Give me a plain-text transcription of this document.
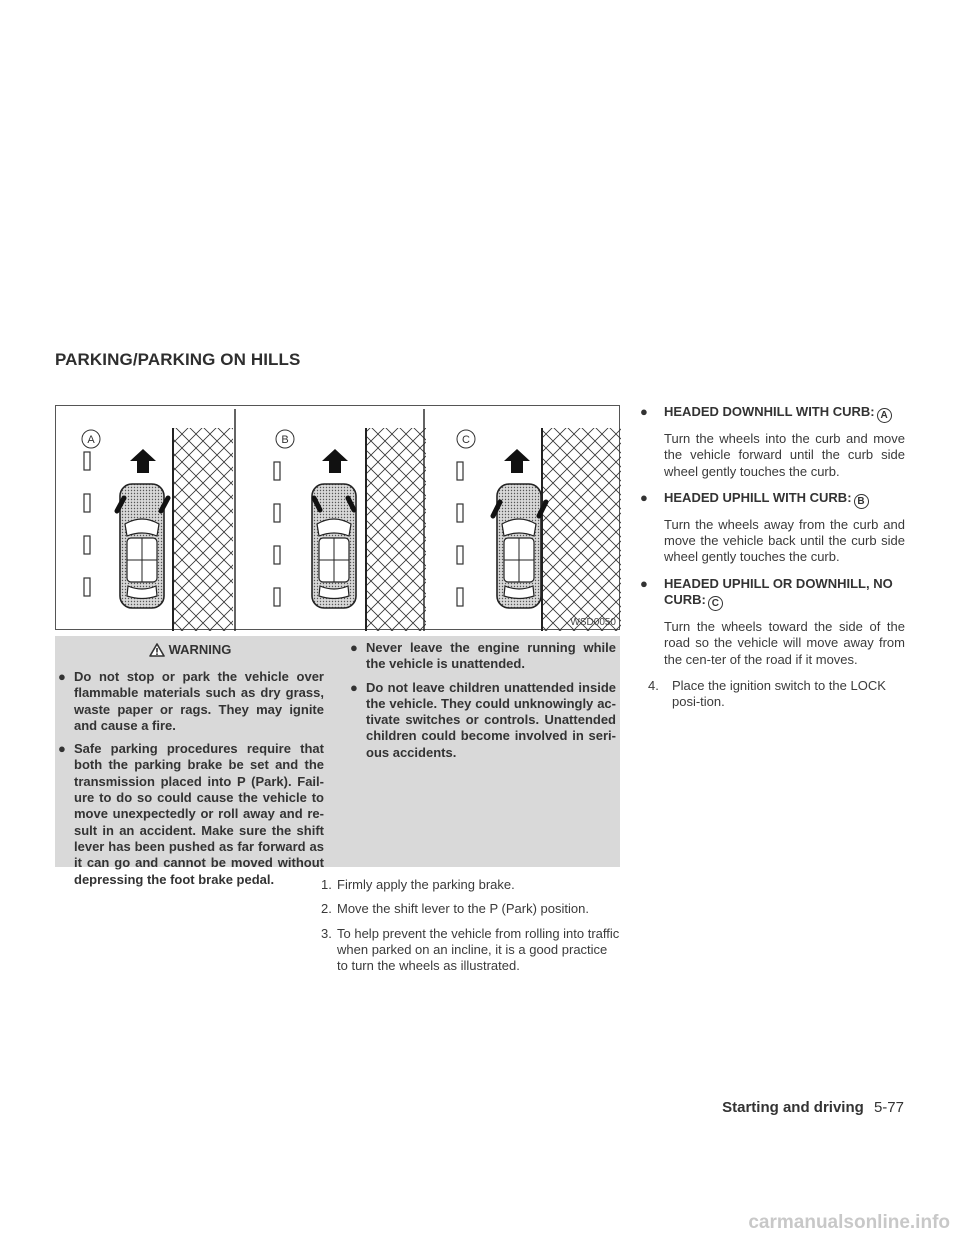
PARKING/PARKING ON HILLS
A	B	C
WSD0050
WARNING
● Do not stop or park the vehicle over flammable materials such as dry grass, waste paper or rags. They may ignite and cause a fire.
● Safe parking procedures require that both the parking brake be set and the transmission placed into P (Park). Fail-ure to do so could cause the vehicle to move unexpectedly or roll away and re-sult in an accident. Make sure the shift lever has been pushed as far forward as it can go and cannot be moved without depressing the foot brake pedal.
● Never leave the engine running while the vehicle is unattended.
● Do not leave children unattended inside the vehicle. They could unknowingly ac-tivate switches or controls. Unattended children could become involved in seri-ous accidents.
1. Firmly apply the parking brake.
2. Move the shift lever to the P (Park) position.
3. To help prevent the vehicle from rolling into traffic when parked on an incline, it is a good practice to turn the wheels as illustrated.
● HEADED DOWNHILL WITH CURB: A
Turn the wheels into the curb and move the vehicle forward until the curb side wheel gently touches the curb.
● HEADED UPHILL WITH CURB: B
Turn the wheels away from the curb and move the vehicle back until the curb side wheel gently touches the curb.
● HEADED UPHILL OR DOWNHILL, NO CURB: C
Turn the wheels toward the side of the road so the vehicle will move away from the cen-ter of the road if it moves.
4. Place the ignition switch to the LOCK posi-tion.
Starting and driving 5-77
carmanualsonline.info
